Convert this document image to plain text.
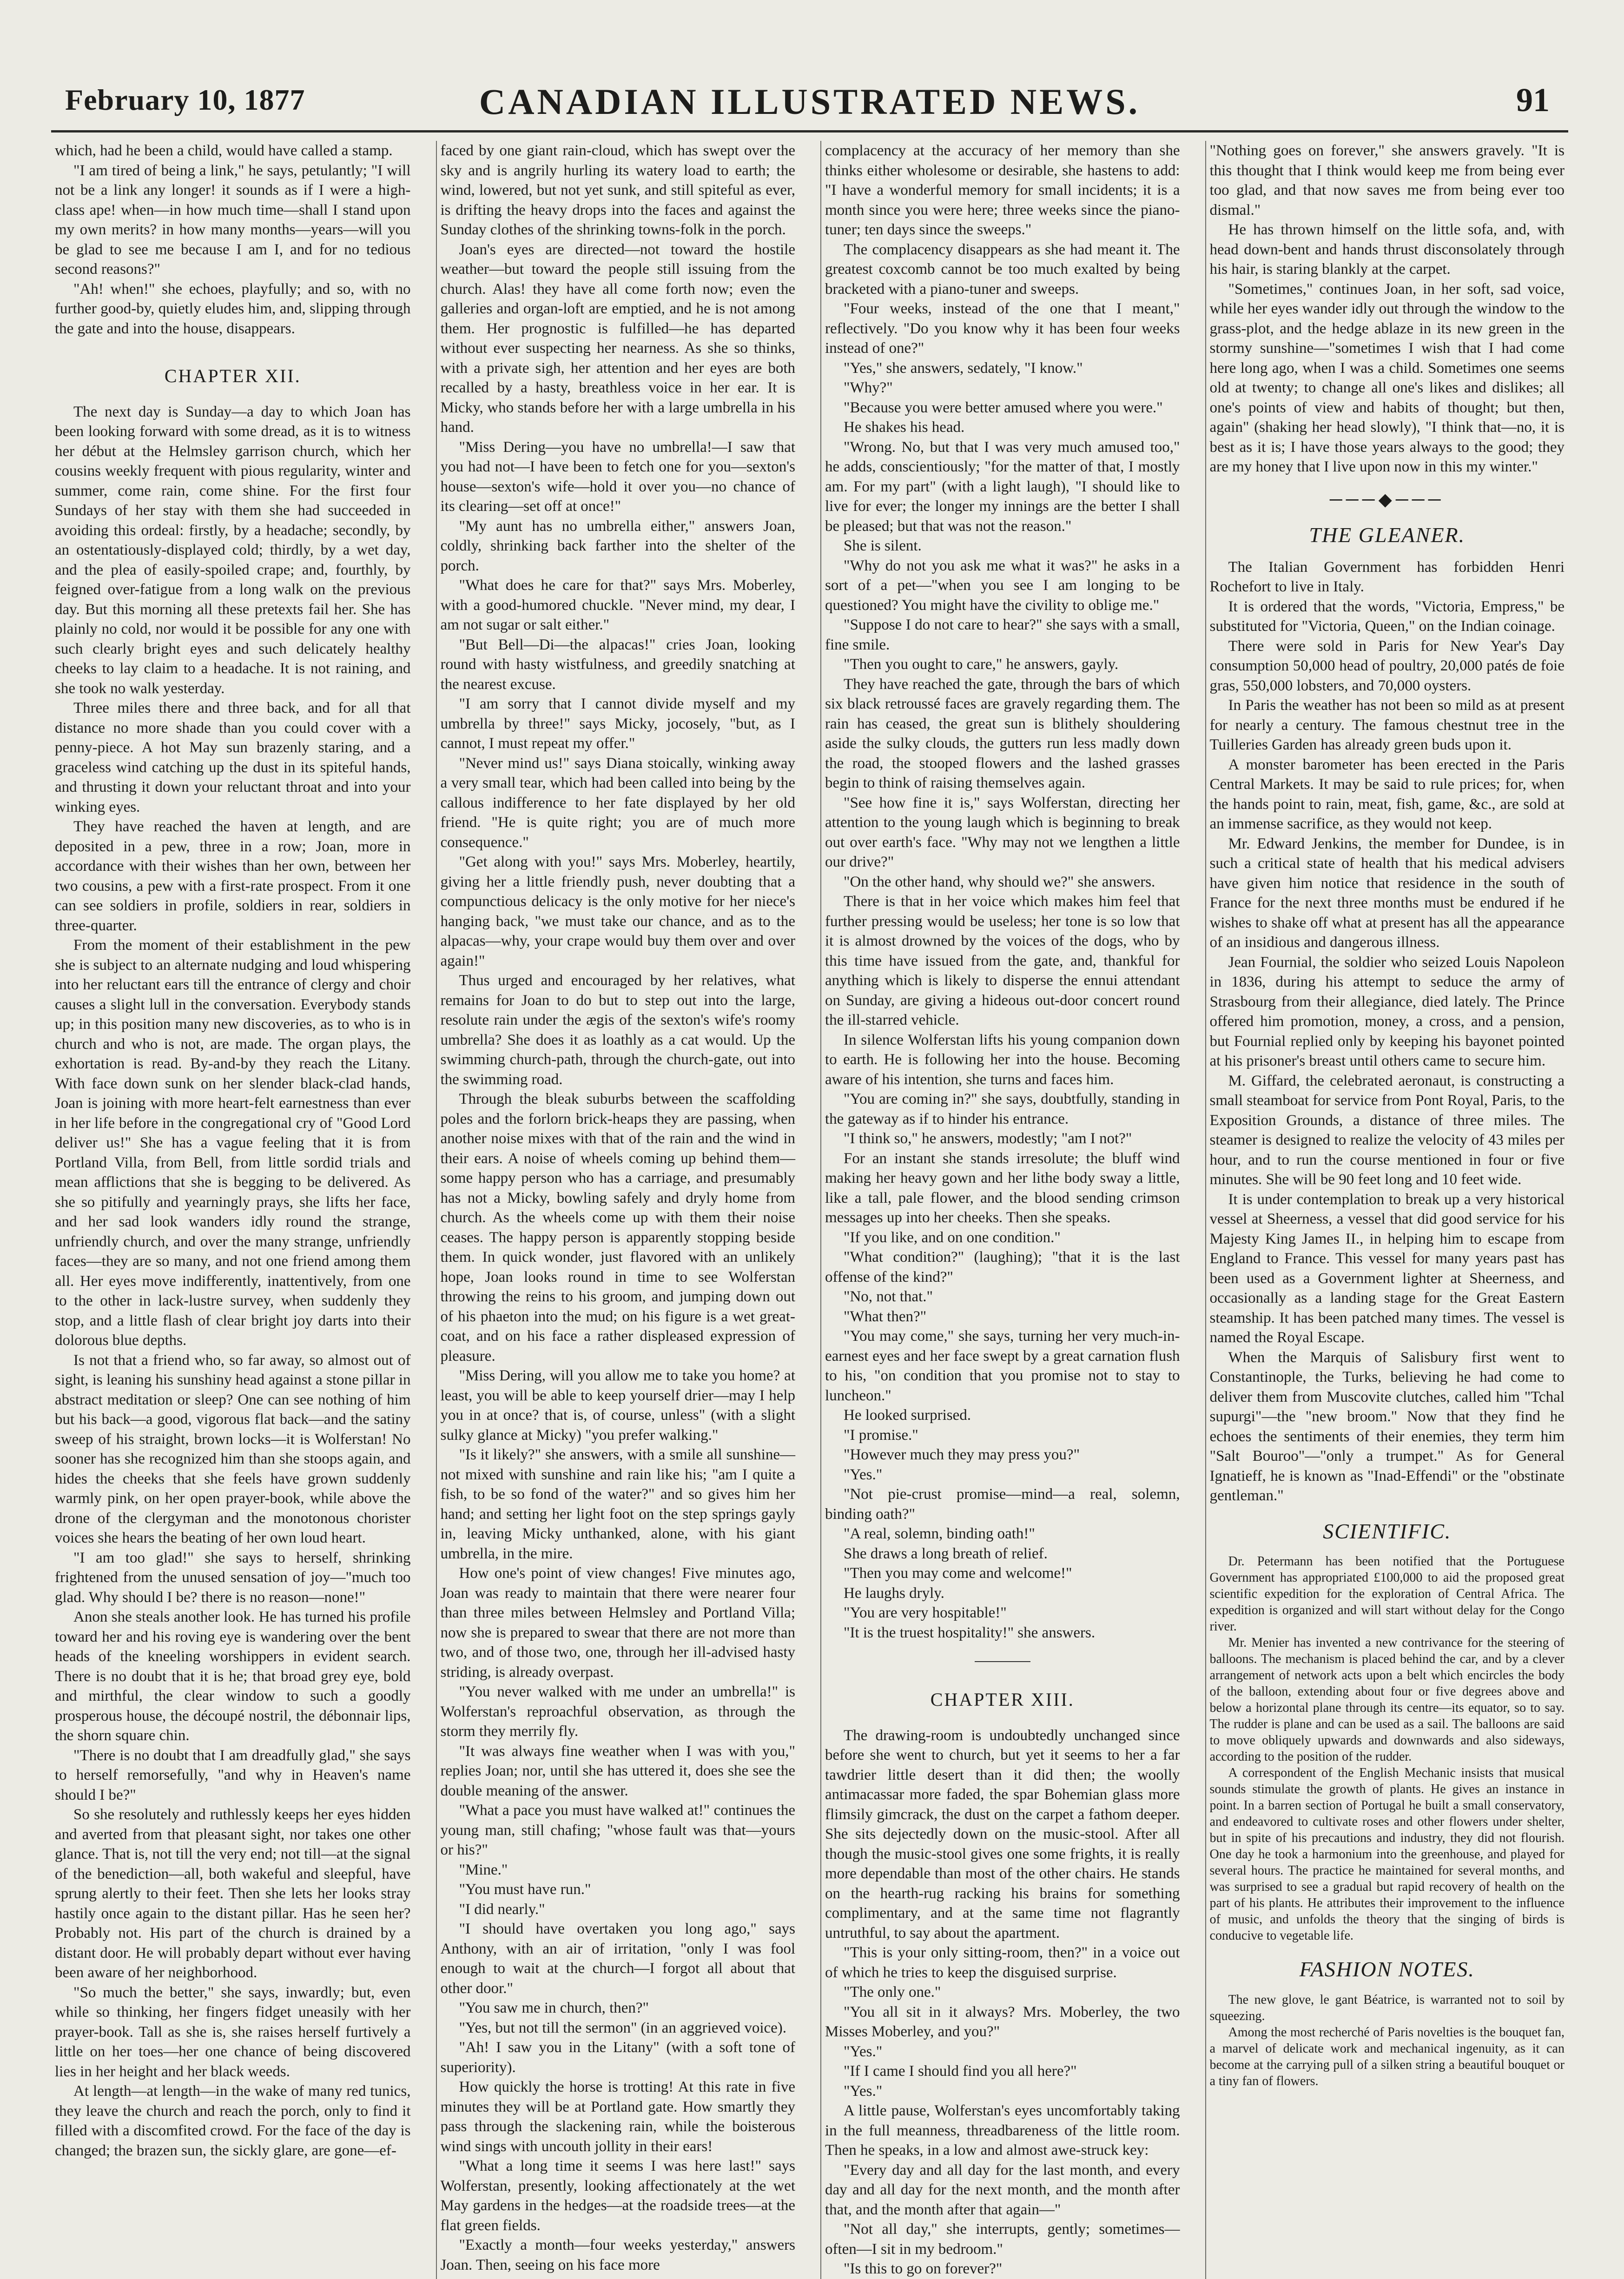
February 10, 1877	CANADIAN ILLUSTRATED NEWS.	91

which, had he been a child, would have called a stamp.

"I am tired of being a link," he says, petulantly; "I will not be a link any longer! it sounds as if I were a high-class ape! when—in how much time—shall I stand upon my own merits? in how many months—years—will you be glad to see me because I am I, and for no tedious second reasons?"

"Ah! when!" she echoes, playfully; and so, with no further good-by, quietly eludes him, and, slipping through the gate and into the house, disappears.

CHAPTER XII.

The next day is Sunday—a day to which Joan has been looking forward with some dread, as it is to witness her début at the Helmsley garrison church, which her cousins weekly frequent with pious regularity, winter and summer, come rain, come shine. For the first four Sundays of her stay with them she had succeeded in avoiding this ordeal: firstly, by a headache; secondly, by an ostentatiously-displayed cold; thirdly, by a wet day, and the plea of easily-spoiled crape; and, fourthly, by feigned over-fatigue from a long walk on the previous day. But this morning all these pretexts fail her. She has plainly no cold, nor would it be possible for any one with such clearly bright eyes and such delicately healthy cheeks to lay claim to a headache. It is not raining, and she took no walk yesterday.

Three miles there and three back, and for all that distance no more shade than you could cover with a penny-piece. A hot May sun brazenly staring, and a graceless wind catching up the dust in its spiteful hands, and thrusting it down your reluctant throat and into your winking eyes.

They have reached the haven at length, and are deposited in a pew, three in a row; Joan, more in accordance with their wishes than her own, between her two cousins, a pew with a first-rate prospect. From it one can see soldiers in profile, soldiers in rear, soldiers in three-quarter.

From the moment of their establishment in the pew she is subject to an alternate nudging and loud whispering into her reluctant ears till the entrance of clergy and choir causes a slight lull in the conversation. Everybody stands up; in this position many new discoveries, as to who is in church and who is not, are made. The organ plays, the exhortation is read. By-and-by they reach the Litany. With face down sunk on her slender black-clad hands, Joan is joining with more heart-felt earnestness than ever in her life before in the congregational cry of "Good Lord deliver us!" She has a vague feeling that it is from Portland Villa, from Bell, from little sordid trials and mean afflictions that she is begging to be delivered. As she so pitifully and yearningly prays, she lifts her face, and her sad look wanders idly round the strange, unfriendly church, and over the many strange, unfriendly faces—they are so many, and not one friend among them all. Her eyes move indifferently, inattentively, from one to the other in lack-lustre survey, when suddenly they stop, and a little flash of clear bright joy darts into their dolorous blue depths.

Is not that a friend who, so far away, so almost out of sight, is leaning his sunshiny head against a stone pillar in abstract meditation or sleep? One can see nothing of him but his back—a good, vigorous flat back—and the satiny sweep of his straight, brown locks—it is Wolferstan! No sooner has she recognized him than she stoops again, and hides the cheeks that she feels have grown suddenly warmly pink, on her open prayer-book, while above the drone of the clergyman and the monotonous chorister voices she hears the beating of her own loud heart.

"I am too glad!" she says to herself, shrinking frightened from the unused sensation of joy—"much too glad. Why should I be? there is no reason—none!"

Anon she steals another look. He has turned his profile toward her and his roving eye is wandering over the bent heads of the kneeling worshippers in evident search. There is no doubt that it is he; that broad grey eye, bold and mirthful, the clear window to such a goodly prosperous house, the découpé nostril, the débonnair lips, the shorn square chin.

"There is no doubt that I am dreadfully glad," she says to herself remorsefully, "and why in Heaven's name should I be?"

So she resolutely and ruthlessly keeps her eyes hidden and averted from that pleasant sight, nor takes one other glance. That is, not till the very end; not till—at the signal of the benediction—all, both wakeful and sleepful, have sprung alertly to their feet. Then she lets her looks stray hastily once again to the distant pillar. Has he seen her? Probably not. His part of the church is drained by a distant door. He will probably depart without ever having been aware of her neighborhood.

"So much the better," she says, inwardly; but, even while so thinking, her fingers fidget uneasily with her prayer-book. Tall as she is, she raises herself furtively a little on her toes—her one chance of being discovered lies in her height and her black weeds.

At length—at length—in the wake of many red tunics, they leave the church and reach the porch, only to find it filled with a discomfited crowd. For the face of the day is changed; the brazen sun, the sickly glare, are gone—ef-

faced by one giant rain-cloud, which has swept over the sky and is angrily hurling its watery load to earth; the wind, lowered, but not yet sunk, and still spiteful as ever, is drifting the heavy drops into the faces and against the Sunday clothes of the shrinking towns-folk in the porch.

Joan's eyes are directed—not toward the hostile weather—but toward the people still issuing from the church. Alas! they have all come forth now; even the galleries and organ-loft are emptied, and he is not among them. Her prognostic is fulfilled—he has departed without ever suspecting her nearness. As she so thinks, with a private sigh, her attention and her eyes are both recalled by a hasty, breathless voice in her ear. It is Micky, who stands before her with a large umbrella in his hand.

"Miss Dering—you have no umbrella!—I saw that you had not—I have been to fetch one for you—sexton's house—sexton's wife—hold it over you—no chance of its clearing—set off at once!"

"My aunt has no umbrella either," answers Joan, coldly, shrinking back farther into the shelter of the porch.

"What does he care for that?" says Mrs. Moberley, with a good-humored chuckle. "Never mind, my dear, I am not sugar or salt either."

"But Bell—Di—the alpacas!" cries Joan, looking round with hasty wistfulness, and greedily snatching at the nearest excuse.

"I am sorry that I cannot divide myself and my umbrella by three!" says Micky, jocosely, "but, as I cannot, I must repeat my offer."

"Never mind us!" says Diana stoically, winking away a very small tear, which had been called into being by the callous indifference to her fate displayed by her old friend. "He is quite right; you are of much more consequence."

"Get along with you!" says Mrs. Moberley, heartily, giving her a little friendly push, never doubting that a compunctious delicacy is the only motive for her niece's hanging back, "we must take our chance, and as to the alpacas—why, your crape would buy them over and over again!"

Thus urged and encouraged by her relatives, what remains for Joan to do but to step out into the large, resolute rain under the ægis of the sexton's wife's roomy umbrella? She does it as loathly as a cat would. Up the swimming church-path, through the church-gate, out into the swimming road.

Through the bleak suburbs between the scaffolding poles and the forlorn brick-heaps they are passing, when another noise mixes with that of the rain and the wind in their ears. A noise of wheels coming up behind them—some happy person who has a carriage, and presumably has not a Micky, bowling safely and dryly home from church. As the wheels come up with them their noise ceases. The happy person is apparently stopping beside them. In quick wonder, just flavored with an unlikely hope, Joan looks round in time to see Wolferstan throwing the reins to his groom, and jumping down out of his phaeton into the mud; on his figure is a wet great-coat, and on his face a rather displeased expression of pleasure.

"Miss Dering, will you allow me to take you home? at least, you will be able to keep yourself drier—may I help you in at once? that is, of course, unless" (with a slight sulky glance at Micky) "you prefer walking."

"Is it likely?" she answers, with a smile all sunshine—not mixed with sunshine and rain like his; "am I quite a fish, to be so fond of the water?" and so gives him her hand; and setting her light foot on the step springs gayly in, leaving Micky unthanked, alone, with his giant umbrella, in the mire.

How one's point of view changes! Five minutes ago, Joan was ready to maintain that there were nearer four than three miles between Helmsley and Portland Villa; now she is prepared to swear that there are not more than two, and of those two, one, through her ill-advised hasty striding, is already overpast.

"You never walked with me under an umbrella!" is Wolferstan's reproachful observation, as through the storm they merrily fly.

"It was always fine weather when I was with you," replies Joan; nor, until she has uttered it, does she see the double meaning of the answer.

"What a pace you must have walked at!" continues the young man, still chafing; "whose fault was that—yours or his?"

"Mine."

"You must have run."

"I did nearly."

"I should have overtaken you long ago," says Anthony, with an air of irritation, "only I was fool enough to wait at the church—I forgot all about that other door."

"You saw me in church, then?"

"Yes, but not till the sermon" (in an aggrieved voice).

"Ah! I saw you in the Litany" (with a soft tone of superiority).

How quickly the horse is trotting! At this rate in five minutes they will be at Portland gate. How smartly they pass through the slackening rain, while the boisterous wind sings with uncouth jollity in their ears!

"What a long time it seems I was here last!" says Wolferstan, presently, looking affectionately at the wet May gardens in the hedges—at the roadside trees—at the flat green fields.

"Exactly a month—four weeks yesterday," answers Joan. Then, seeing on his face more

complacency at the accuracy of her memory than she thinks either wholesome or desirable, she hastens to add: "I have a wonderful memory for small incidents; it is a month since you were here; three weeks since the piano-tuner; ten days since the sweeps."

The complacency disappears as she had meant it. The greatest coxcomb cannot be too much exalted by being bracketed with a piano-tuner and sweeps.

"Four weeks, instead of the one that I meant," reflectively. "Do you know why it has been four weeks instead of one?"

"Yes," she answers, sedately, "I know."

"Why?"

"Because you were better amused where you were."

He shakes his head.

"Wrong. No, but that I was very much amused too," he adds, conscientiously; "for the matter of that, I mostly am. For my part" (with a light laugh), "I should like to live for ever; the longer my innings are the better I shall be pleased; but that was not the reason."

She is silent.

"Why do not you ask me what it was?" he asks in a sort of a pet—"when you see I am longing to be questioned? You might have the civility to oblige me."

"Suppose I do not care to hear?" she says with a small, fine smile.

"Then you ought to care," he answers, gayly.

They have reached the gate, through the bars of which six black retroussé faces are gravely regarding them. The rain has ceased, the great sun is blithely shouldering aside the sulky clouds, the gutters run less madly down the road, the stooped flowers and the lashed grasses begin to think of raising themselves again.

"See how fine it is," says Wolferstan, directing her attention to the young laugh which is beginning to break out over earth's face. "Why may not we lengthen a little our drive?"

"On the other hand, why should we?" she answers.

There is that in her voice which makes him feel that further pressing would be useless; her tone is so low that it is almost drowned by the voices of the dogs, who by this time have issued from the gate, and, thankful for anything which is likely to disperse the ennui attendant on Sunday, are giving a hideous out-door concert round the ill-starred vehicle.

In silence Wolferstan lifts his young companion down to earth. He is following her into the house. Becoming aware of his intention, she turns and faces him.

"You are coming in?" she says, doubtfully, standing in the gateway as if to hinder his entrance.

"I think so," he answers, modestly; "am I not?"

For an instant she stands irresolute; the bluff wind making her heavy gown and her lithe body sway a little, like a tall, pale flower, and the blood sending crimson messages up into her cheeks. Then she speaks.

"If you like, and on one condition."

"What condition?" (laughing); "that it is the last offense of the kind?"

"No, not that."

"What then?"

"You may come," she says, turning her very much-in-earnest eyes and her face swept by a great carnation flush to his, "on condition that you promise not to stay to luncheon."

He looked surprised.

"I promise."

"However much they may press you?"

"Yes."

"Not pie-crust promise—mind—a real, solemn, binding oath?"

"A real, solemn, binding oath!"

She draws a long breath of relief.

"Then you may come and welcome!"

He laughs dryly.

"You are very hospitable!"

"It is the truest hospitality!" she answers.

CHAPTER XIII.

The drawing-room is undoubtedly unchanged since before she went to church, but yet it seems to her a far tawdrier little desert than it did then; the woolly antimacassar more faded, the spar Bohemian glass more flimsily gimcrack, the dust on the carpet a fathom deeper. She sits dejectedly down on the music-stool. After all though the music-stool gives one some frights, it is really more dependable than most of the other chairs. He stands on the hearth-rug racking his brains for something complimentary, and at the same time not flagrantly untruthful, to say about the apartment.

"This is your only sitting-room, then?" in a voice out of which he tries to keep the disguised surprise.

"The only one."

"You all sit in it always? Mrs. Moberley, the two Misses Moberley, and you?"

"Yes."

"If I came I should find you all here?"

"Yes."

A little pause, Wolferstan's eyes uncomfortably taking in the full meanness, threadbareness of the little room. Then he speaks, in a low and almost awe-struck key:

"Every day and all day for the last month, and every day and all day for the next month, and the month after that, and the month after that again—"

"Not all day," she interrupts, gently; sometimes—often—I sit in my bedroom."

"Is this to go on forever?"

"Nothing goes on forever," she answers gravely. "It is this thought that I think would keep me from being ever too glad, and that now saves me from being ever too dismal."

He has thrown himself on the little sofa, and, with head down-bent and hands thrust disconsolately through his hair, is staring blankly at the carpet.

"Sometimes," continues Joan, in her soft, sad voice, while her eyes wander idly out through the window to the grass-plot, and the hedge ablaze in its new green in the stormy sunshine—"sometimes I wish that I had come here long ago, when I was a child. Sometimes one seems old at twenty; to change all one's likes and dislikes; all one's points of view and habits of thought; but then, again" (shaking her head slowly), "I think that—no, it is best as it is; I have those years always to the good; they are my honey that I live upon now in this my winter."

───◆───
THE GLEANER.

The Italian Government has forbidden Henri Rochefort to live in Italy.

It is ordered that the words, "Victoria, Empress," be substituted for "Victoria, Queen," on the Indian coinage.

There were sold in Paris for New Year's Day consumption 50,000 head of poultry, 20,000 patés de foie gras, 550,000 lobsters, and 70,000 oysters.

In Paris the weather has not been so mild as at present for nearly a century. The famous chestnut tree in the Tuilleries Garden has already green buds upon it.

A monster barometer has been erected in the Paris Central Markets. It may be said to rule prices; for, when the hands point to rain, meat, fish, game, &c., are sold at an immense sacrifice, as they would not keep.

Mr. Edward Jenkins, the member for Dundee, is in such a critical state of health that his medical advisers have given him notice that residence in the south of France for the next three months must be endured if he wishes to shake off what at present has all the appearance of an insidious and dangerous illness.

Jean Fournial, the soldier who seized Louis Napoleon in 1836, during his attempt to seduce the army of Strasbourg from their allegiance, died lately. The Prince offered him promotion, money, a cross, and a pension, but Fournial replied only by keeping his bayonet pointed at his prisoner's breast until others came to secure him.

M. Giffard, the celebrated aeronaut, is constructing a small steamboat for service from Pont Royal, Paris, to the Exposition Grounds, a distance of three miles. The steamer is designed to realize the velocity of 43 miles per hour, and to run the course mentioned in four or five minutes. She will be 90 feet long and 10 feet wide.

It is under contemplation to break up a very historical vessel at Sheerness, a vessel that did good service for his Majesty King James II., in helping him to escape from England to France. This vessel for many years past has been used as a Government lighter at Sheerness, and occasionally as a landing stage for the Great Eastern steamship. It has been patched many times. The vessel is named the Royal Escape.

When the Marquis of Salisbury first went to Constantinople, the Turks, believing he had come to deliver them from Muscovite clutches, called him "Tchal supurgi"—the "new broom." Now that they find he echoes the sentiments of their enemies, they term him "Salt Bouroo"—"only a trumpet." As for General Ignatieff, he is known as "Inad-Effendi" or the "obstinate gentleman."

SCIENTIFIC.

Dr. Petermann has been notified that the Portuguese Government has appropriated £100,000 to aid the proposed great scientific expedition for the exploration of Central Africa. The expedition is organized and will start without delay for the Congo river.

Mr. Menier has invented a new contrivance for the steering of balloons. The mechanism is placed behind the car, and by a clever arrangement of network acts upon a belt which encircles the body of the balloon, extending about four or five degrees above and below a horizontal plane through its centre—its equator, so to say. The rudder is plane and can be used as a sail. The balloons are said to move obliquely upwards and downwards and also sideways, according to the position of the rudder.

A correspondent of the English Mechanic insists that musical sounds stimulate the growth of plants. He gives an instance in point. In a barren section of Portugal he built a small conservatory, and endeavored to cultivate roses and other flowers under shelter, but in spite of his precautions and industry, they did not flourish. One day he took a harmonium into the greenhouse, and played for several hours. The practice he maintained for several months, and was surprised to see a gradual but rapid recovery of health on the part of his plants. He attributes their improvement to the influence of music, and unfolds the theory that the singing of birds is conducive to vegetable life.

FASHION NOTES.

The new glove, le gant Béatrice, is warranted not to soil by squeezing.

Among the most recherché of Paris novelties is the bouquet fan, a marvel of delicate work and mechanical ingenuity, as it can become at the carrying pull of a silken string a beautiful bouquet or a tiny fan of flowers.
